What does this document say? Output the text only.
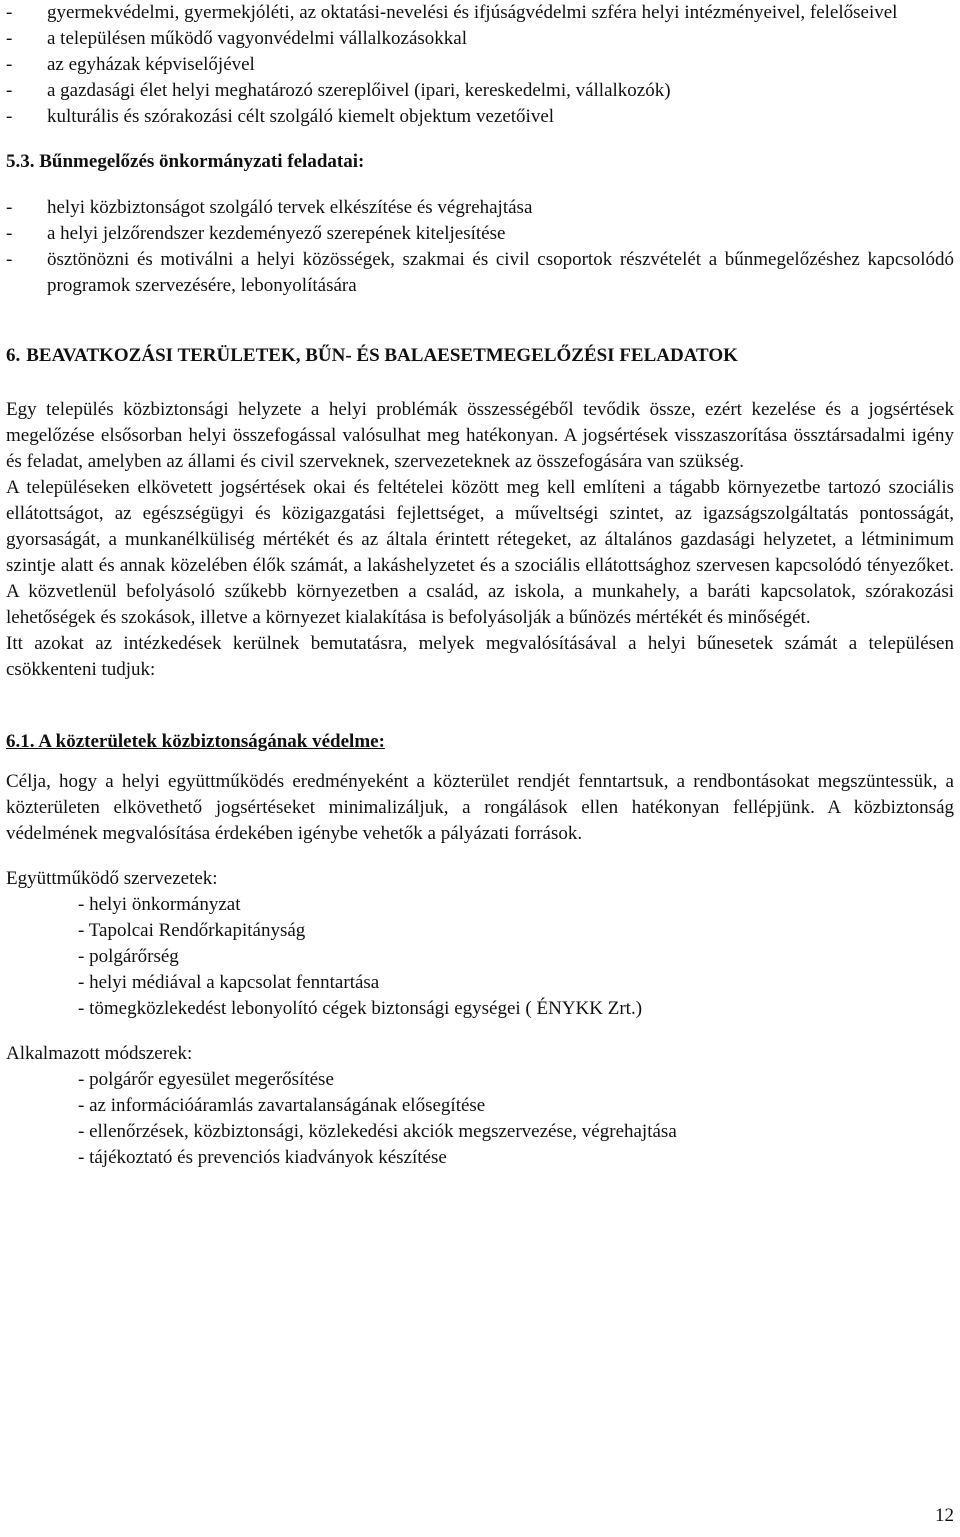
- gyermekvédelmi, gyermekjóléti, az oktatási-nevelési és ifjúságvédelmi szféra helyi intézményeivel, felelőseivel
- a településen működő vagyonvédelmi vállalkozásokkal
- az egyházak képviselőjével
- a gazdasági élet helyi meghatározó szereplőivel (ipari, kereskedelmi, vállalkozók)
- kulturális és szórakozási célt szolgáló kiemelt objektum vezetőivel
5.3. Bűnmegelőzés önkormányzati feladatai:
- helyi közbiztonságot szolgáló tervek elkészítése és végrehajtása
- a helyi jelzőrendszer kezdeményező szerepének kiteljesítése
- ösztönözni és motiválni a helyi közösségek, szakmai és civil csoportok részvételét a bűnmegelőzéshez kapcsolódó programok szervezésére, lebonyolítására
6. BEAVATKOZÁSI TERÜLETEK, BŰN- ÉS BALAESETMEGELŐZÉSI FELADATOK

Egy település közbiztonsági helyzete a helyi problémák összességéből tevődik össze, ezért kezelése és a jogsértések megelőzése elsősorban helyi összefogással valósulhat meg hatékonyan. A jogsértések visszaszorítása össztársadalmi igény és feladat, amelyben az állami és civil szerveknek, szervezeteknek az összefogására van szükség.

A településeken elkövetett jogsértések okai és feltételei között meg kell említeni a tágabb környezetbe tartozó szociális ellátottságot, az egészségügyi és közigazgatási fejlettséget, a műveltségi szintet, az igazságszolgáltatás pontosságát, gyorsaságát, a munkanélküliség mértékét és az általa érintett rétegeket, az általános gazdasági helyzetet, a létminimum szintje alatt és annak közelében élők számát, a lakáshelyzetet és a szociális ellátottsághoz szervesen kapcsolódó tényezőket. A közvetlenül befolyásoló szűkebb környezetben a család, az iskola, a munkahely, a baráti kapcsolatok, szórakozási lehetőségek és szokások, illetve a környezet kialakítása is befolyásolják a bűnözés mértékét és minőségét.

Itt azokat az intézkedések kerülnek bemutatásra, melyek megvalósításával a helyi bűnesetek számát a településen csökkenteni tudjuk:

6.1. A közterületek közbiztonságának védelme:

Célja, hogy a helyi együttműködés eredményeként a közterület rendjét fenntartsuk, a rendbontásokat megszüntessük, a közterületen elkövethető jogsértéseket minimalizáljuk, a rongálások ellen hatékonyan fellépjünk. A közbiztonság védelmének megvalósítása érdekében igénybe vehetők a pályázati források.

Együttműködő szervezetek:
- helyi önkormányzat
- Tapolcai Rendőrkapitányság
- polgárőrség
- helyi médiával a kapcsolat fenntartása
- tömegközlekedést lebonyolító cégek biztonsági egységei ( ÉNYKK Zrt.)
Alkalmazott módszerek:
- polgárőr egyesület megerősítése
- az információáramlás zavartalanságának elősegítése
- ellenőrzések, közbiztonsági, közlekedési akciók megszervezése, végrehajtása
- tájékoztató és prevenciós kiadványok készítése
12
